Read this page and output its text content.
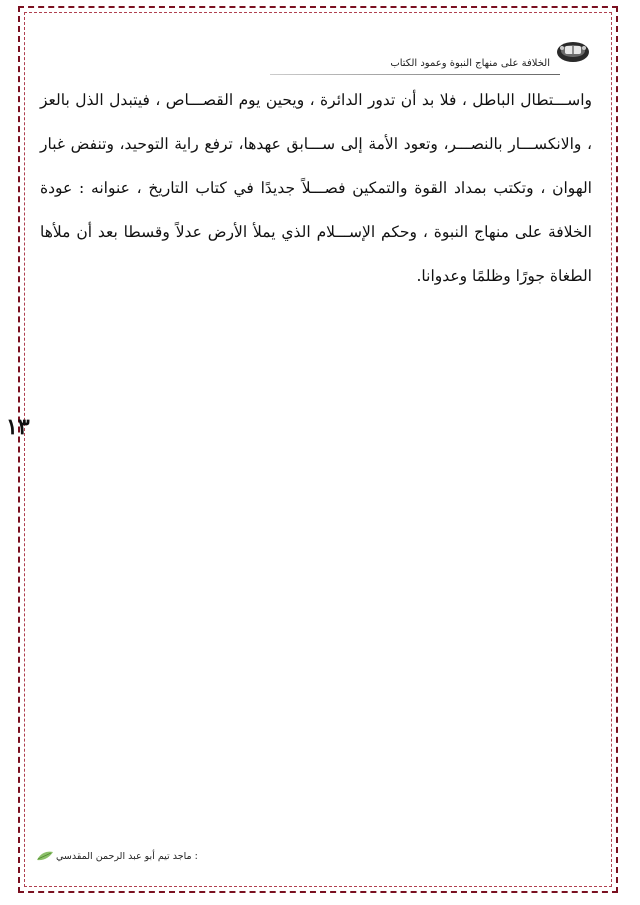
الخلافة على منهاج النبوة وعمود الكتاب

واســـتطال الباطل ، فلا بد أن تدور الدائرة ، ويحين يوم القصـــاص ، فيتبدل الذل بالعز ، والانكســـار بالنصـــر، وتعود الأمة إلى ســـابق عهدها، ترفع راية التوحيد، وتنفض غبار الهوان ، وتكتب بمداد القوة والتمكين فصـــلاً جديدًا في كتاب التاريخ ، عنوانه : عودة الخلافة على منهاج النبوة ، وحكم الإســـلام الذي يملأ الأرض عدلاً وقسطا بعد أن ملأها الطغاة جورًا وظلمًا وعدوانا.

١٣
: ماجد تيم أبو عبد الرحمن المقدسي
